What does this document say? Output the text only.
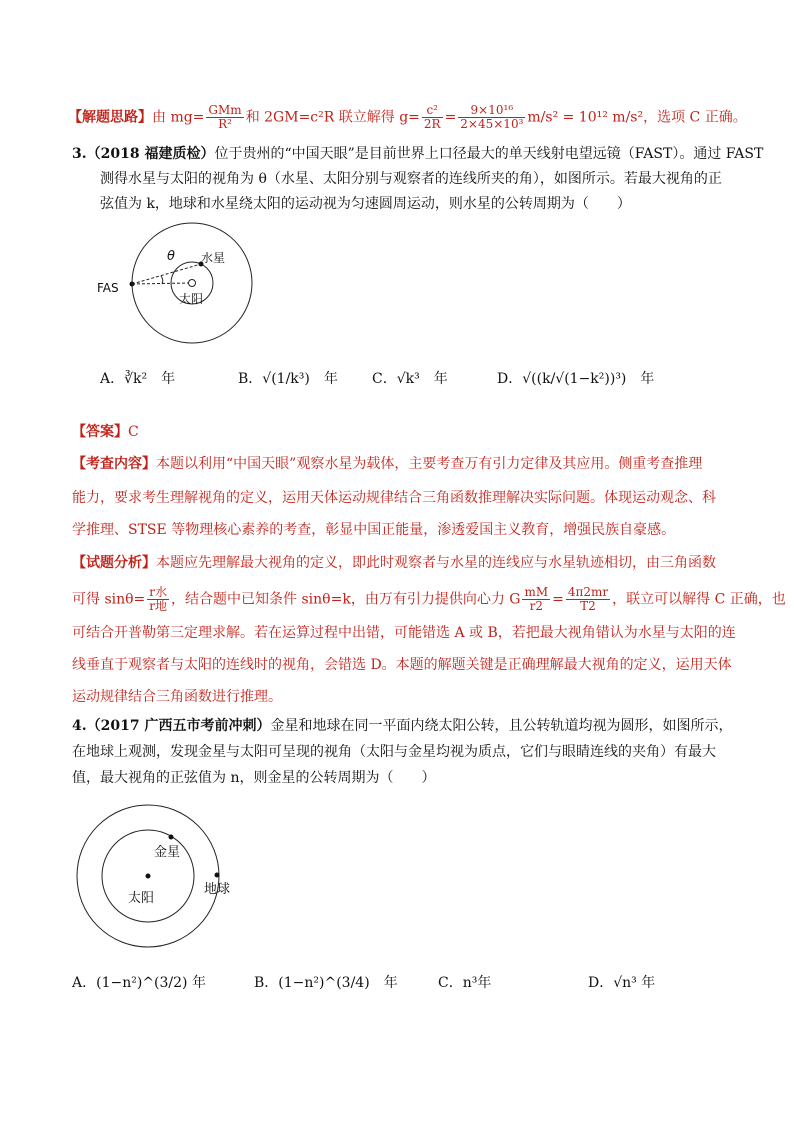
【解题思路】由 $mg= \frac{\text{GMm}}{\text{R²}}$ 和 2GM=c²R 联立解得 $g= \frac{\text{c²}}{2R} = \frac{\text{9×10¹⁶}}{\text{2×45×10³}} m/s^2 = 10^{12}$ m/s²，选项 C 正确。
3.（2018 福建质检）位于贵州的“中国天眼”是目前世界上口径最大的单天线射电望远镜（FAST）。通过 FAST
测得水星与太阳的视角为 θ（水星、太阳分别与观察者的连线所夹的角），如图所示。若最大视角的正
弦值为 k，地球和水星绕太阳的运动视为匀速圆周运动，则水星的公转周期为（　　）
FAS
θ 水星
太阳
A．∛k²　 年	B．√(1/k³)　 年 C．√k³　 年	D．√((k/√(1−k²))³)　 年
【答案】C
【考查内容】本题以利用“中国天眼”观察水星为载体，主要考查万有引力定律及其应用。侧重考查推理
能力，要求考生理解视角的定义，运用天体运动规律结合三角函数推理解决实际问题。体现运动观念、科
学推理、STSE 等物理核心素养的考查，彰显中国正能量，渗透爱国主义教育，增强民族自豪感。
【试题分析】本题应先理解最大视角的定义，即此时观察者与水星的连线应与水星轨迹相切，由三角函数
可得 $\sin\theta= \frac{\text{r水}}{\text{r地}}$ ，结合题中已知条件 sinθ=k，由万有引力提供向心力 G $\frac{mM}{r2} = \frac{4\pi 2mr}{T2}$ ，联立可以解得 C 正确，也
可结合开普勒第三定理求解。若在运算过程中出错，可能错选 A 或 B，若把最大视角错认为水星与太阳的连
线垂直于观察者与太阳的连线时的视角，会错选 D。本题的解题关键是正确理解最大视角的定义，运用天体
运动规律结合三角函数进行推理。
4.（2017 广西五市考前冲刺）金星和地球在同一平面内绕太阳公转，且公转轨道均视为圆形，如图所示，
在地球上观测，发现金星与太阳可呈现的视角（太阳与金星均视为质点，它们与眼睛连线的夹角）有最大
值，最大视角的正弦值为 n，则金星的公转周期为（　　）
金星
太阳
地球
A．(1−n²)^(3/2) 年	B．(1−n²)^(3/4)　 年	C．n³年	D．√n³ 年
